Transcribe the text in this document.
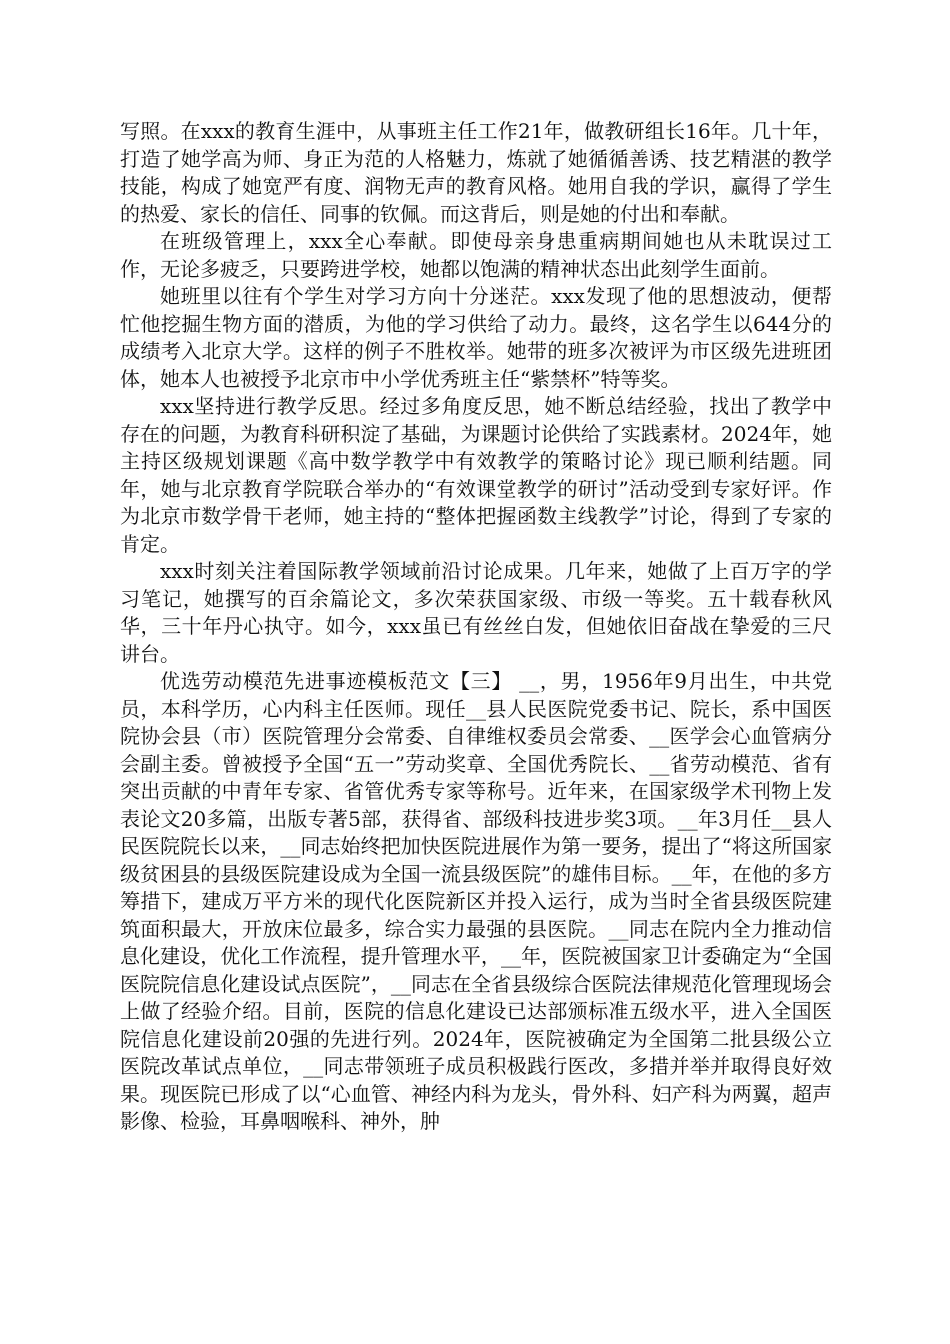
写照。在xxx的教育生涯中，从事班主任工作21年，做教研组长16年。几十年，打造了她学高为师、身正为范的人格魅力，炼就了她循循善诱、技艺精湛的教学技能，构成了她宽严有度、润物无声的教育风格。她用自我的学识，赢得了学生的热爱、家长的信任、同事的钦佩。而这背后，则是她的付出和奉献。

在班级管理上，xxx全心奉献。即使母亲身患重病期间她也从未耽误过工作，无论多疲乏，只要跨进学校，她都以饱满的精神状态出此刻学生面前。

她班里以往有个学生对学习方向十分迷茫。xxx发现了他的思想波动，便帮忙他挖掘生物方面的潜质，为他的学习供给了动力。最终，这名学生以644分的成绩考入北京大学。这样的例子不胜枚举。她带的班多次被评为市区级先进班团体，她本人也被授予北京市中小学优秀班主任“紫禁杯”特等奖。

xxx坚持进行教学反思。经过多角度反思，她不断总结经验，找出了教学中存在的问题，为教育科研积淀了基础，为课题讨论供给了实践素材。2024年，她主持区级规划课题《高中数学教学中有效教学的策略讨论》现已顺利结题。同年，她与北京教育学院联合举办的“有效课堂教学的研讨”活动受到专家好评。作为北京市数学骨干老师，她主持的“整体把握函数主线教学”讨论，得到了专家的肯定。

xxx时刻关注着国际教学领域前沿讨论成果。几年来，她做了上百万字的学习笔记，她撰写的百余篇论文，多次荣获国家级、市级一等奖。五十载春秋风华，三十年丹心执守。如今，xxx虽已有丝丝白发，但她依旧奋战在挚爱的三尺讲台。

优选劳动模范先进事迹模板范文【三】 __，男，1956年9月出生，中共党员，本科学历，心内科主任医师。现任__县人民医院党委书记、院长，系中国医院协会县（市）医院管理分会常委、自律维权委员会常委、__医学会心血管病分会副主委。曾被授予全国“五一”劳动奖章、全国优秀院长、__省劳动模范、省有突出贡献的中青年专家、省管优秀专家等称号。近年来，在国家级学术刊物上发表论文20多篇，出版专著5部，获得省、部级科技进步奖3项。__年3月任__县人民医院院长以来，__同志始终把加快医院进展作为第一要务，提出了“将这所国家级贫困县的县级医院建设成为全国一流县级医院”的雄伟目标。__年，在他的多方筹措下，建成万平方米的现代化医院新区并投入运行，成为当时全省县级医院建筑面积最大，开放床位最多，综合实力最强的县医院。__同志在院内全力推动信息化建设，优化工作流程，提升管理水平，__年，医院被国家卫计委确定为“全国医院院信息化建设试点医院”，__同志在全省县级综合医院法律规范化管理现场会上做了经验介绍。目前，医院的信息化建设已达部颁标准五级水平，进入全国医院信息化建设前20强的先进行列。2024年，医院被确定为全国第二批县级公立医院改革试点单位，__同志带领班子成员积极践行医改，多措并举并取得良好效果。现医院已形成了以“心血管、神经内科为龙头，骨外科、妇产科为两翼，超声影像、检验，耳鼻咽喉科、神外，肿
